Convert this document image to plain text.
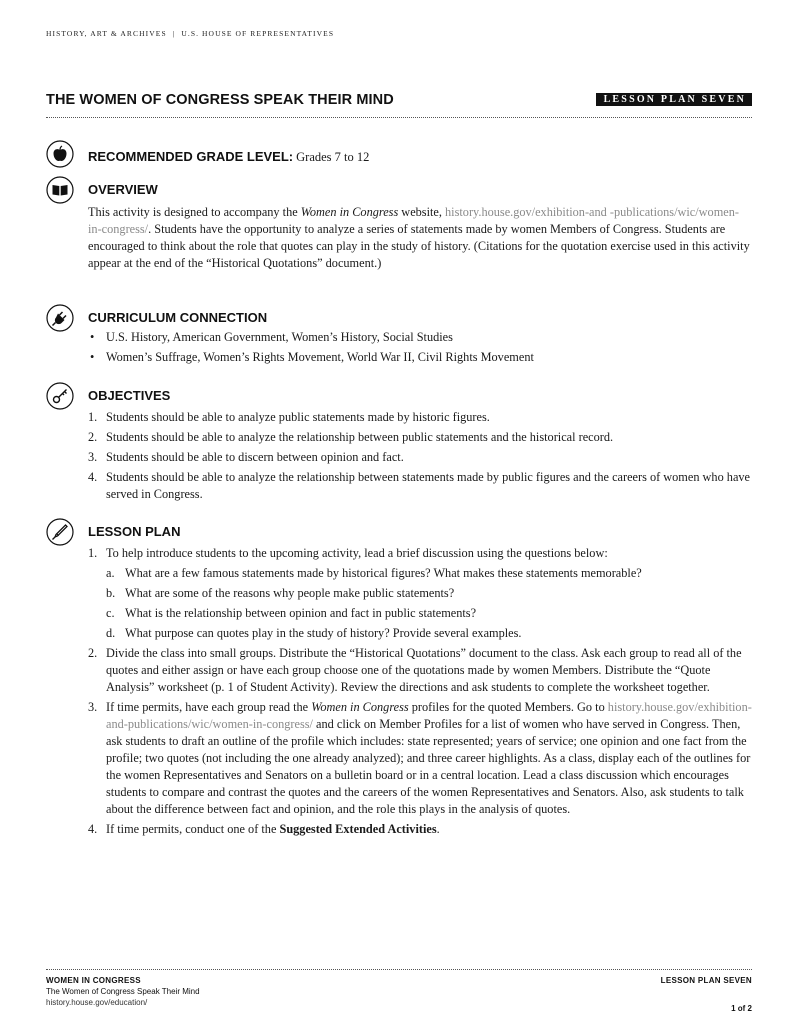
HISTORY, ART & ARCHIVES | U.S. HOUSE OF REPRESENTATIVES
THE WOMEN OF CONGRESS SPEAK THEIR MIND	LESSON PLAN SEVEN
RECOMMENDED GRADE LEVEL: Grades 7 to 12
OVERVIEW
This activity is designed to accompany the Women in Congress website, history.house.gov/exhibition-and -publications/wic/women-in-congress/. Students have the opportunity to analyze a series of statements made by women Members of Congress. Students are encouraged to think about the role that quotes can play in the study of history. (Citations for the quotation exercise used in this activity appear at the end of the “Historical Quotations” document.)
CURRICULUM CONNECTION
• U.S. History, American Government, Women’s History, Social Studies
• Women’s Suffrage, Women’s Rights Movement, World War II, Civil Rights Movement
OBJECTIVES
1. Students should be able to analyze public statements made by historic figures.
2. Students should be able to analyze the relationship between public statements and the historical record.
3. Students should be able to discern between opinion and fact.
4. Students should be able to analyze the relationship between statements made by public figures and the careers of women who have served in Congress.
LESSON PLAN
1. To help introduce students to the upcoming activity, lead a brief discussion using the questions below:
a. What are a few famous statements made by historical figures? What makes these statements memorable?
b. What are some of the reasons why people make public statements?
c. What is the relationship between opinion and fact in public statements?
d. What purpose can quotes play in the study of history? Provide several examples.
2. Divide the class into small groups. Distribute the “Historical Quotations” document to the class. Ask each group to read all of the quotes and either assign or have each group choose one of the quotations made by women Members. Distribute the “Quote Analysis” worksheet (p. 1 of Student Activity). Review the directions and ask students to complete the worksheet together.
3. If time permits, have each group read the Women in Congress profiles for the quoted Members. Go to history.house.gov/exhibition-and-publications/wic/women-in-congress/ and click on Member Profiles for a list of women who have served in Congress. Then, ask students to draft an outline of the profile which includes: state represented; years of service; one opinion and one fact from the profile; two quotes (not including the one already analyzed); and three career highlights. As a class, display each of the outlines for the women Representatives and Senators on a bulletin board or in a central location. Lead a class discussion which encourages students to compare and contrast the quotes and the careers of the women Representatives and Senators. Also, ask students to talk about the difference between fact and opinion, and the role this plays in the analysis of quotes.
4. If time permits, conduct one of the Suggested Extended Activities.
WOMEN IN CONGRESS
The Women of Congress Speak Their Mind
history.house.gov/education/
LESSON PLAN SEVEN
1 of 2
